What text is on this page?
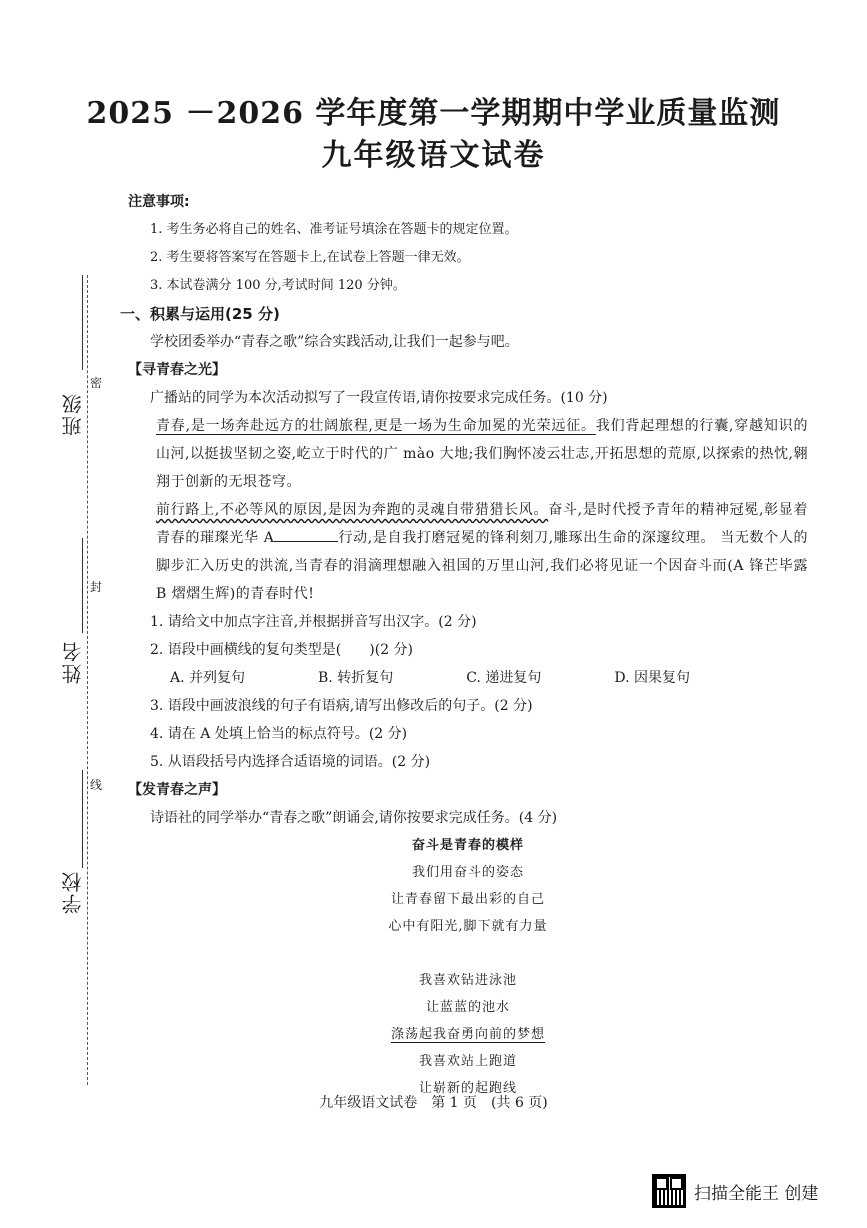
密
封
线
班级
姓名
学校
2025 －2026 学年度第一学期期中学业质量监测
九年级语文试卷

注意事项:

1. 考生务必将自己的姓名、准考证号填涂在答题卡的规定位置。

2. 考生要将答案写在答题卡上,在试卷上答题一律无效。

3. 本试卷满分 100 分,考试时间 120 分钟。

一、积累与运用(25 分)

学校团委举办“青春之歌”综合实践活动,让我们一起参与吧。

【寻青春之光】

广播站的同学为本次活动拟写了一段宣传语,请你按要求完成任务。(10 分)

青春,是一场奔赴远方的壮阔旅程,更是一场为生命加冕的光荣远征。我们背起理想的行囊,穿越知识的山河,以挺拔坚韧之姿,屹立于时代的广 mào 大地;我们胸怀凌云壮志,开拓思想的荒原,以探索的热忱,翱翔于创新的无垠苍穹。

前行路上,不必等风的原因,是因为奔跑的灵魂自带猎猎长风。奋斗,是时代授予青年的精神冠冕,彰显着青春的璀璨光华 A	行动,是自我打磨冠冕的锋利刻刀,雕琢出生命的深邃纹理。 当无数个人的脚步汇入历史的洪流,当青春的涓滴理想融入祖国的万里山河,我们必将见证一个因奋斗而(A 锋芒毕露　B 熠熠生辉)的青春时代!

1. 请给文中加点字注音,并根据拼音写出汉字。(2 分)

2. 语段中画横线的复句类型是(　　)(2 分)

A. 并列复句	B. 转折复句	C. 递进复句	D. 因果复句

3. 语段中画波浪线的句子有语病,请写出修改后的句子。(2 分)

4. 请在 A 处填上恰当的标点符号。(2 分)

5. 从语段括号内选择合适语境的词语。(2 分)

【发青春之声】

诗语社的同学举办“青春之歌”朗诵会,请你按要求完成任务。(4 分)

奋斗是青春的模样
我们用奋斗的姿态
让青春留下最出彩的自己
心中有阳光,脚下就有力量
我喜欢钻进泳池
让蓝蓝的池水
涤荡起我奋勇向前的梦想
我喜欢站上跑道
让崭新的起跑线
九年级语文试卷　第 1 页　(共 6 页)
扫描全能王 创建
